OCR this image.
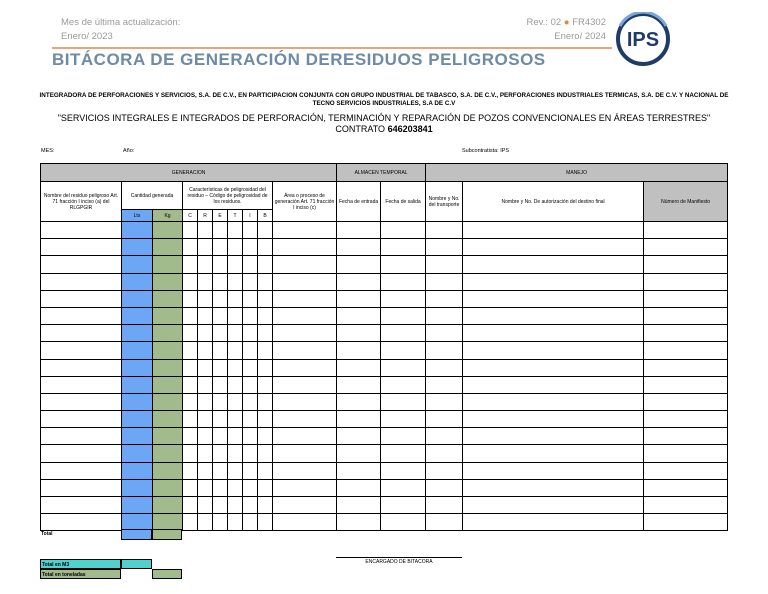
Mes de última actualización:
Enero/ 2023
Rev.: 02 ● FR4302
Enero/ 2024 IPS
BITÁCORA DE GENERACIÓN DERESIDUOS PELIGROSOS
INTEGRADORA DE PERFORACIONES Y SERVICIOS, S.A. DE C.V., EN PARTICIPACION CONJUNTA CON GRUPO INDUSTRIAL DE TABASCO, S.A. DE C.V., PERFORACIONES INDUSTRIALES TERMICAS, S.A. DE C.V. Y NACIONAL DE TECNO SERVICIOS INDUSTRIALES, S.A DE C.V
"SERVICIOS INTEGRALES E INTEGRADOS DE PERFORACIÓN, TERMINACIÓN Y REPARACIÓN DE POZOS CONVENCIONALES EN ÁREAS TERRESTRES"
CONTRATO 646203841
MES:	Año:	Subcontratista: IPS
GENERACION										ALMACEN TEMPORAL		MANEJO		
Nombre del residuo peligroso Art. 71 fracción I inciso (a) del RLGPGIR	Cantidad generada		Características de peligrosidad del residuo – Código de peligrosidad de los residuos.						Área o proceso de generación Art. 71 fracción I inciso (c)	Fecha de entrada	Fecha de salida	Nombre y No. del transporte	Nombre y No. De autorización del destino final	Número de Manifiesto
	Lts	Kg	C	R	E	T	I	B						

Total
Total en M3
Total en toneladas
ENCARGADO DE BITACORA
